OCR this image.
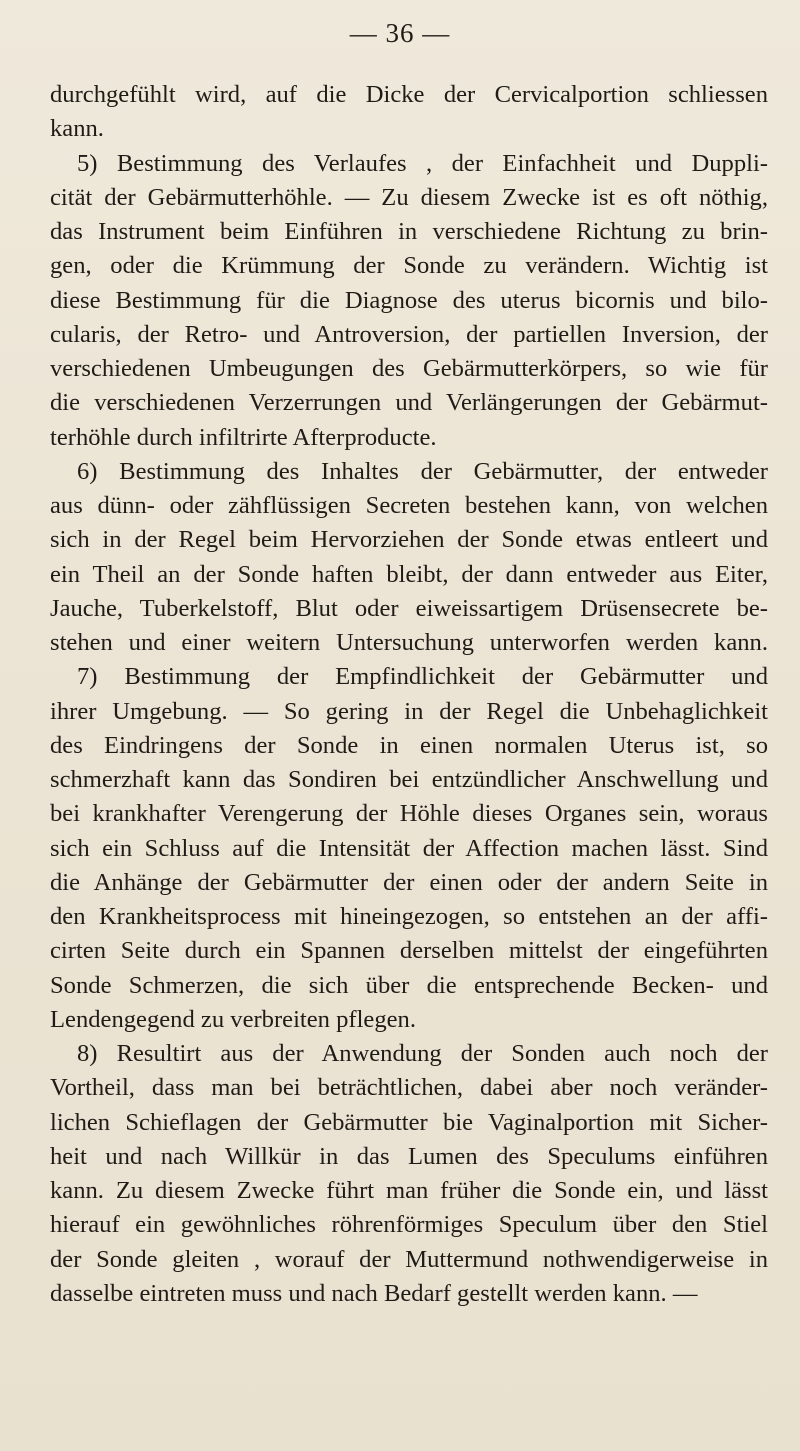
— 36 —
durchgefühlt wird, auf die Dicke der Cervicalportion schliessen
kann.
5) Bestimmung des Verlaufes , der Einfachheit und Duppli-
cität der Gebärmutterhöhle. — Zu diesem Zwecke ist es oft nöthig,
das Instrument beim Einführen in verschiedene Richtung zu brin-
gen, oder die Krümmung der Sonde zu verändern. Wichtig ist
diese Bestimmung für die Diagnose des uterus bicornis und bilo-
cularis, der Retro- und Antroversion, der partiellen Inversion, der
verschiedenen Umbeugungen des Gebärmutterkörpers, so wie für
die verschiedenen Verzerrungen und Verlängerungen der Gebärmut-
terhöhle durch infiltrirte Afterproducte.
6) Bestimmung des Inhaltes der Gebärmutter, der entweder
aus dünn- oder zähflüssigen Secreten bestehen kann, von welchen
sich in der Regel beim Hervorziehen der Sonde etwas entleert und
ein Theil an der Sonde haften bleibt, der dann entweder aus Eiter,
Jauche, Tuberkelstoff, Blut oder eiweissartigem Drüsensecrete be-
stehen und einer weitern Untersuchung unterworfen werden kann.
7) Bestimmung der Empfindlichkeit der Gebärmutter und
ihrer Umgebung. — So gering in der Regel die Unbehaglichkeit
des Eindringens der Sonde in einen normalen Uterus ist, so
schmerzhaft kann das Sondiren bei entzündlicher Anschwellung und
bei krankhafter Verengerung der Höhle dieses Organes sein, woraus
sich ein Schluss auf die Intensität der Affection machen lässt. Sind
die Anhänge der Gebärmutter der einen oder der andern Seite in
den Krankheitsprocess mit hineingezogen, so entstehen an der affi-
cirten Seite durch ein Spannen derselben mittelst der eingeführten
Sonde Schmerzen, die sich über die entsprechende Becken- und
Lendengegend zu verbreiten pflegen.
8) Resultirt aus der Anwendung der Sonden auch noch der
Vortheil, dass man bei beträchtlichen, dabei aber noch veränder-
lichen Schieflagen der Gebärmutter bie Vaginalportion mit Sicher-
heit und nach Willkür in das Lumen des Speculums einführen
kann. Zu diesem Zwecke führt man früher die Sonde ein, und lässt
hierauf ein gewöhnliches röhrenförmiges Speculum über den Stiel
der Sonde gleiten , worauf der Muttermund nothwendigerweise in
dasselbe eintreten muss und nach Bedarf gestellt werden kann. —
